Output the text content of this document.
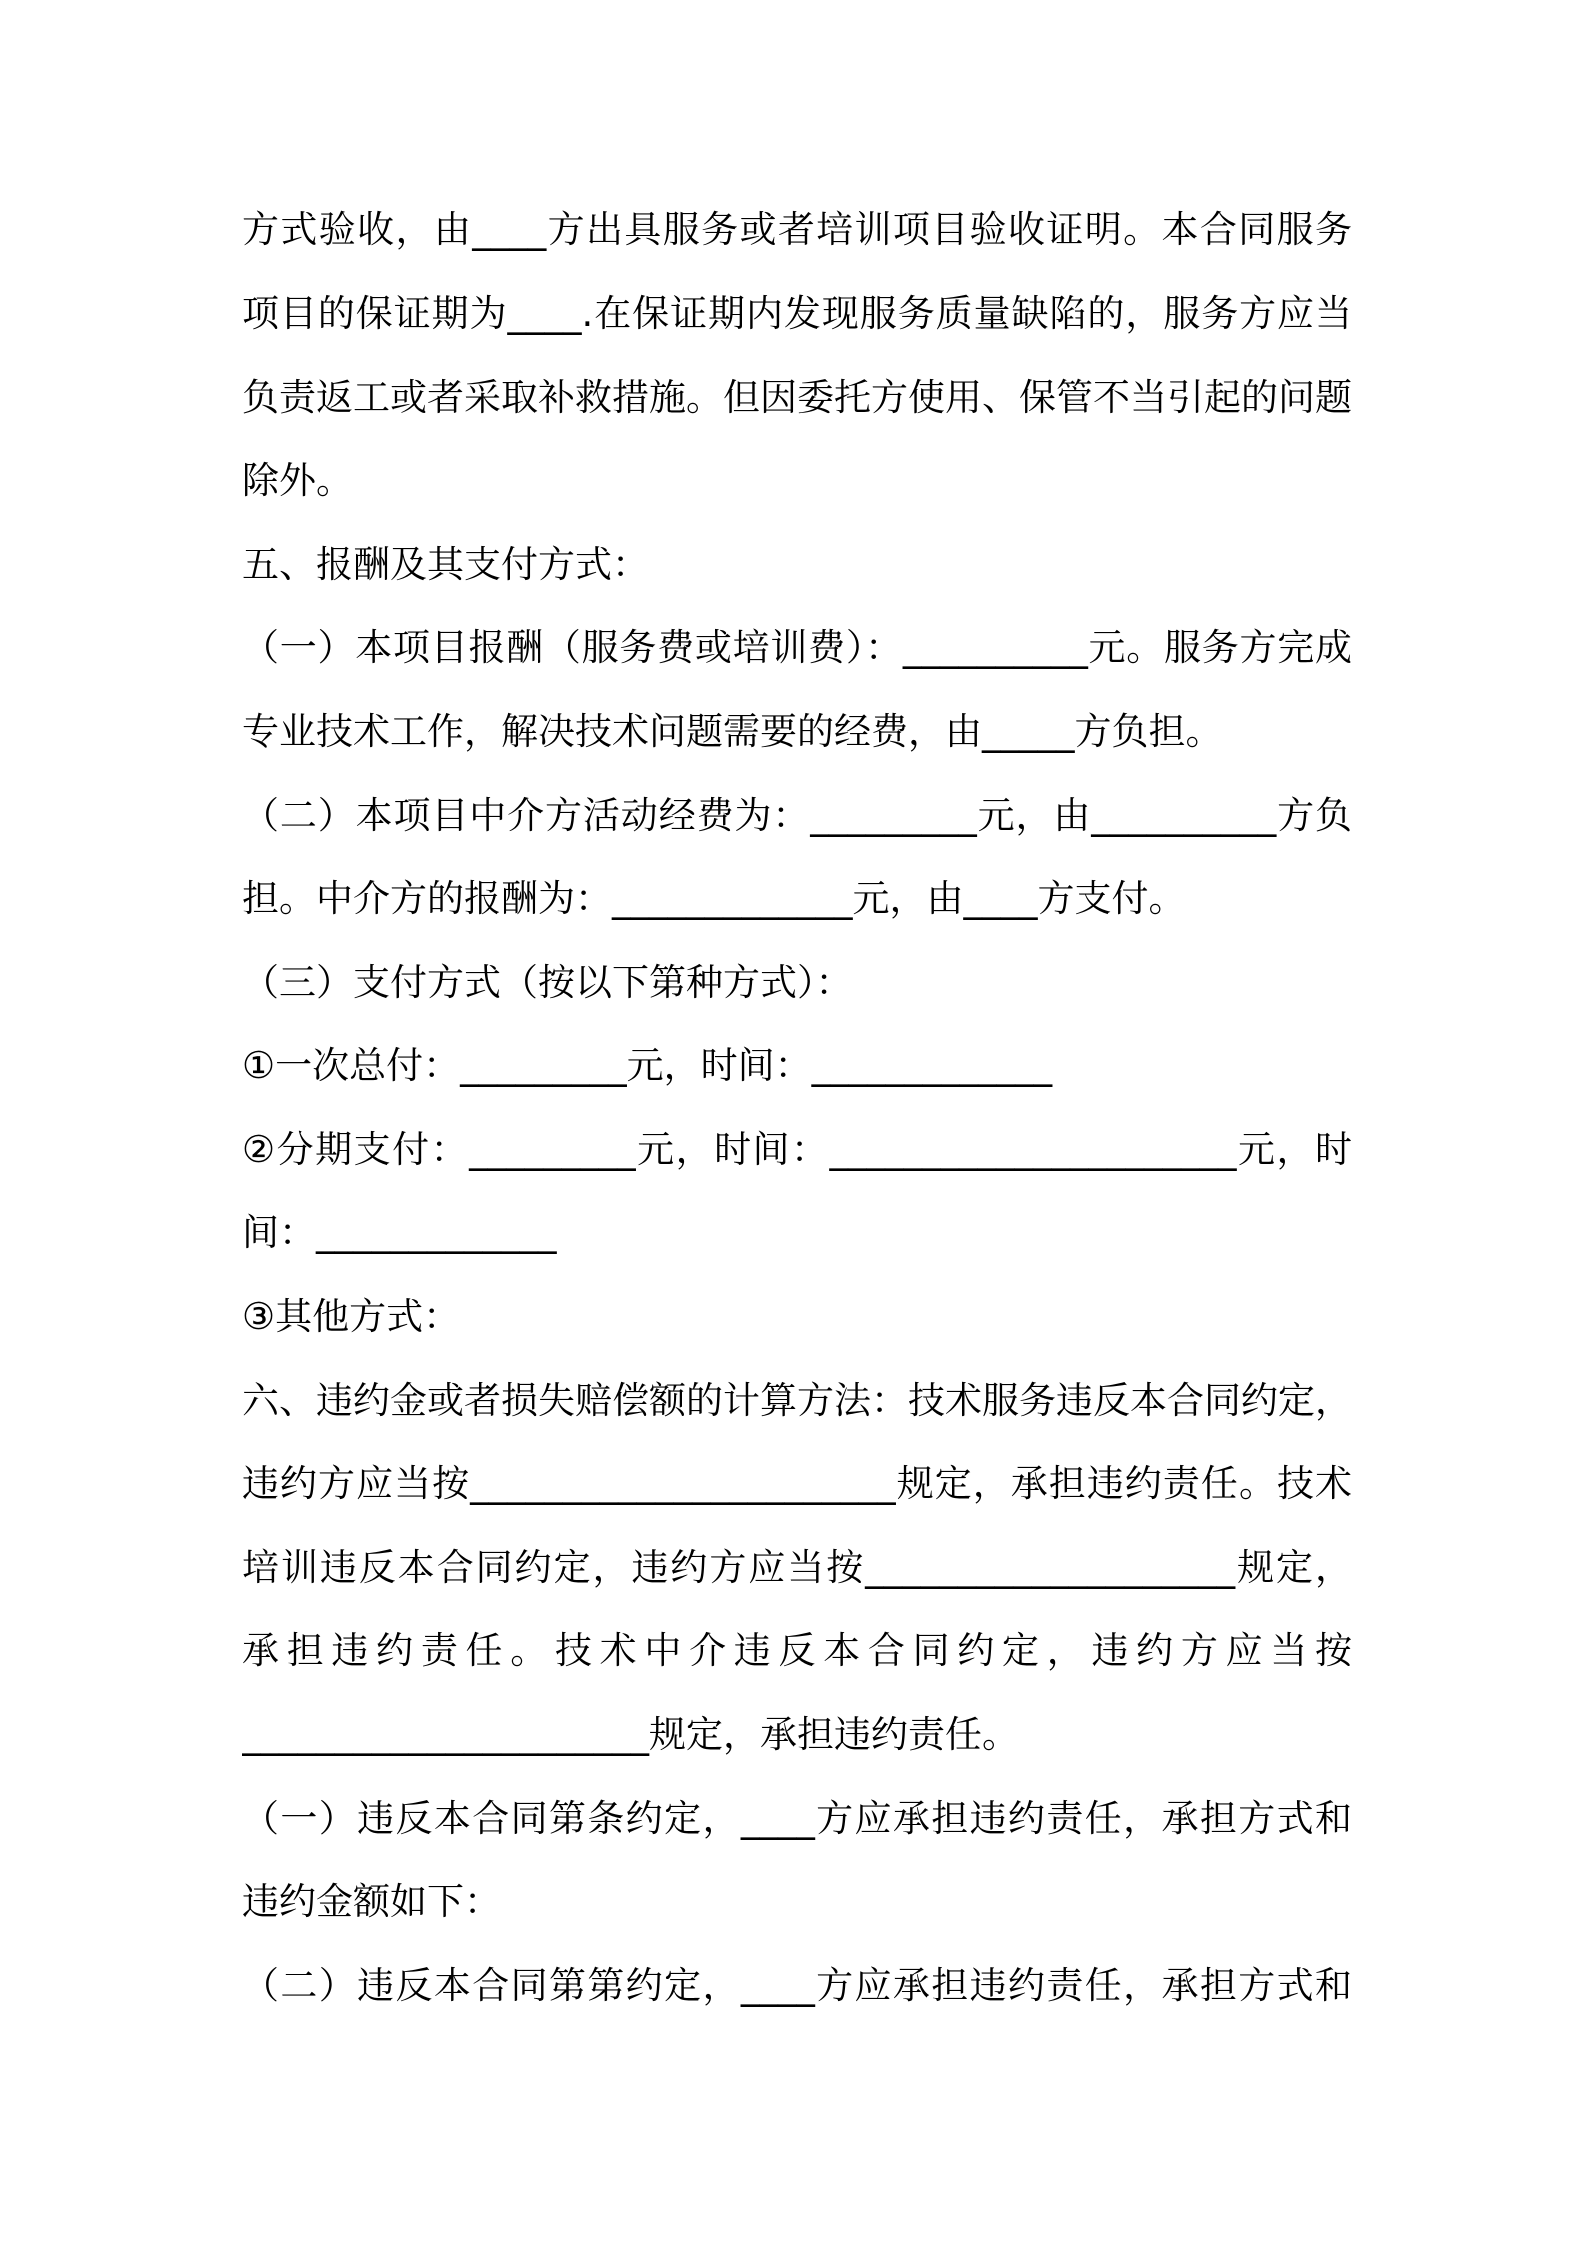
方式验收，由____方出具服务或者培训项目验收证明。本合同服务
项目的保证期为____.在保证期内发现服务质量缺陷的，服务方应当
负责返工或者采取补救措施。但因委托方使用、保管不当引起的问题
除外。
五、报酬及其支付方式：
（一）本项目报酬（服务费或培训费）：__________元。服务方完成
专业技术工作，解决技术问题需要的经费，由_____方负担。
（二）本项目中介方活动经费为：_________元，由__________方负
担。中介方的报酬为：_____________元，由____方支付。
（三）支付方式（按以下第种方式）：
①一次总付：_________元，时间：_____________
②分期支付：_________元，时间：______________________元，时
间：_____________
③其他方式：
六、违约金或者损失赔偿额的计算方法：技术服务违反本合同约定，
违约方应当按_______________________规定，承担违约责任。技术
培训违反本合同约定，违约方应当按____________________规定，
承担违约责任。技术中介违反本合同约定，违约方应当按
______________________规定，承担违约责任。
（一）违反本合同第条约定，____方应承担违约责任，承担方式和
违约金额如下：
（二）违反本合同第第约定，____方应承担违约责任，承担方式和
